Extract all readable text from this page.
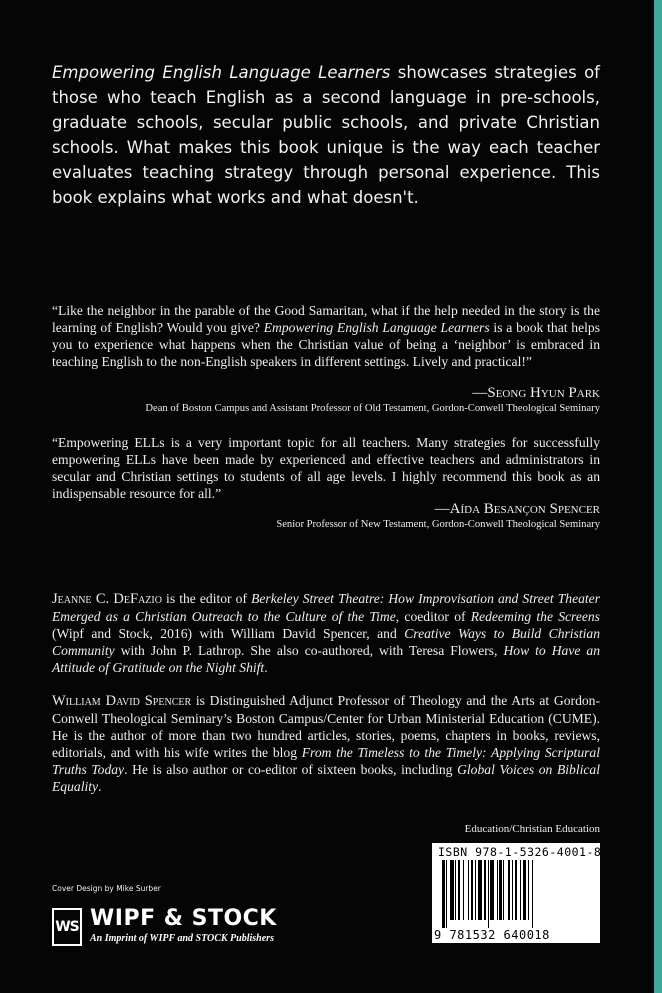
Empowering English Language Learners showcases strategies of those who teach English as a second language in pre-schools, graduate schools, secular public schools, and private Christian schools. What makes this book unique is the way each teacher evaluates teaching strategy through personal experience. This book explains what works and what doesn't.

“Like the neighbor in the parable of the Good Samaritan, what if the help needed in the story is the learning of English? Would you give? Empowering English Language Learners is a book that helps you to experience what happens when the Christian value of being a ‘neighbor’ is embraced in teaching English to the non-English speakers in different settings. Lively and practical!”

—Seong Hyun Park
Dean of Boston Campus and Assistant Professor of Old Testament, Gordon-Conwell Theological Seminary

“Empowering ELLs is a very important topic for all teachers. Many strategies for successfully empowering ELLs have been made by experienced and effective teachers and administrators in secular and Christian settings to students of all age levels. I highly recommend this book as an indispensable resource for all.”

—Aída Besançon Spencer
Senior Professor of New Testament, Gordon-Conwell Theological Seminary

Jeanne C. DeFazio is the editor of Berkeley Street Theatre: How Improvisation and Street Theater Emerged as a Christian Outreach to the Culture of the Time, coeditor of Redeeming the Screens (Wipf and Stock, 2016) with William David Spencer, and Creative Ways to Build Christian Community with John P. Lathrop. She also co-authored, with Teresa Flowers, How to Have an Attitude of Gratitude on the Night Shift.

William David Spencer is Distinguished Adjunct Professor of Theology and the Arts at Gordon-Conwell Theological Seminary’s Boston Campus/Center for Urban Ministerial Education (CUME). He is the author of more than two hundred articles, stories, poems, chapters in books, reviews, editorials, and with his wife writes the blog From the Timeless to the Timely: Applying Scriptural Truths Today. He is also author or co-editor of sixteen books, including Global Voices on Biblical Equality.

Education/Christian Education

ISBN 978-1-5326-4001-8
9 781532 640018

Cover Design by Mike Surber

WS WIPF & STOCK
An Imprint of WIPF and STOCK Publishers
